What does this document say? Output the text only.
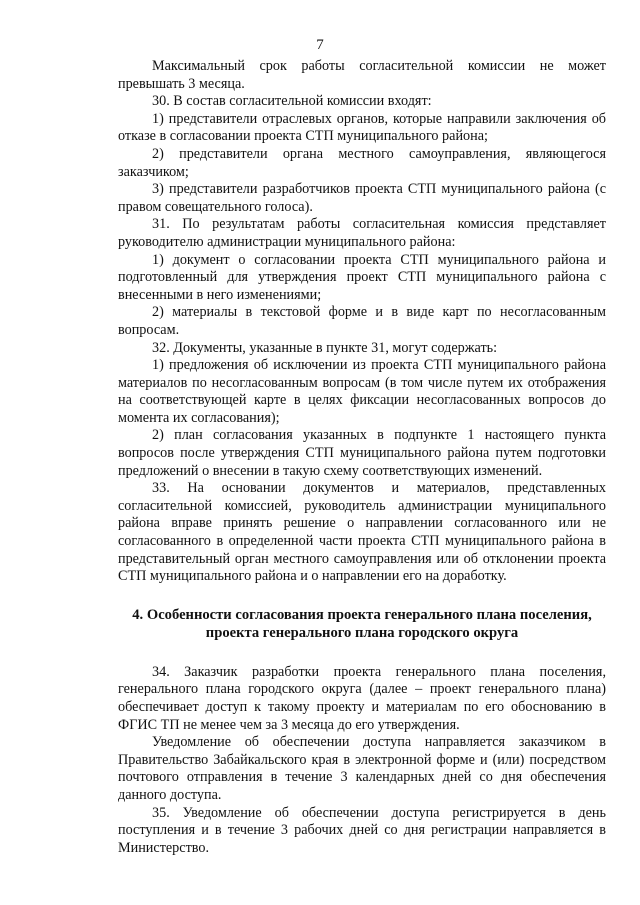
7

Максимальный срок работы согласительной комиссии не может превышать 3 месяца.

30. В состав согласительной комиссии входят:

1) представители отраслевых органов, которые направили заключения об отказе в согласовании проекта СТП муниципального района;

2) представители органа местного самоуправления, являющегося заказчиком;

3) представители разработчиков проекта СТП муниципального района (с правом совещательного голоса).

31. По результатам работы согласительная комиссия представляет руководителю администрации муниципального района:

1) документ о согласовании проекта СТП муниципального района и подготовленный для утверждения проект СТП муниципального района с внесенными в него изменениями;

2) материалы в текстовой форме и в виде карт по несогласованным вопросам.

32. Документы, указанные в пункте 31, могут содержать:

1) предложения об исключении из проекта СТП муниципального района материалов по несогласованным вопросам (в том числе путем их отображения на соответствующей карте в целях фиксации несогласованных вопросов до момента их согласования);

2) план согласования указанных в подпункте 1 настоящего пункта вопросов после утверждения СТП муниципального района путем подготовки предложений о внесении в такую схему соответствующих изменений.

33. На основании документов и материалов, представленных согласительной комиссией, руководитель администрации муниципального района вправе принять решение о направлении согласованного или не согласованного в определенной части проекта СТП муниципального района в представительный орган местного самоуправления или об отклонении проекта СТП муниципального района и о направлении его на доработку.

4. Особенности согласования проекта генерального плана поселения,
проекта генерального плана городского округа

34. Заказчик разработки проекта генерального плана поселения, генерального плана городского округа (далее – проект генерального плана) обеспечивает доступ к такому проекту и материалам по его обоснованию в ФГИС ТП не менее чем за 3 месяца до его утверждения.

Уведомление об обеспечении доступа направляется заказчиком в Правительство Забайкальского края в электронной форме и (или) посредством почтового отправления в течение 3 календарных дней со дня обеспечения данного доступа.

35. Уведомление об обеспечении доступа регистрируется в день поступления и в течение 3 рабочих дней со дня регистрации направляется в Министерство.
